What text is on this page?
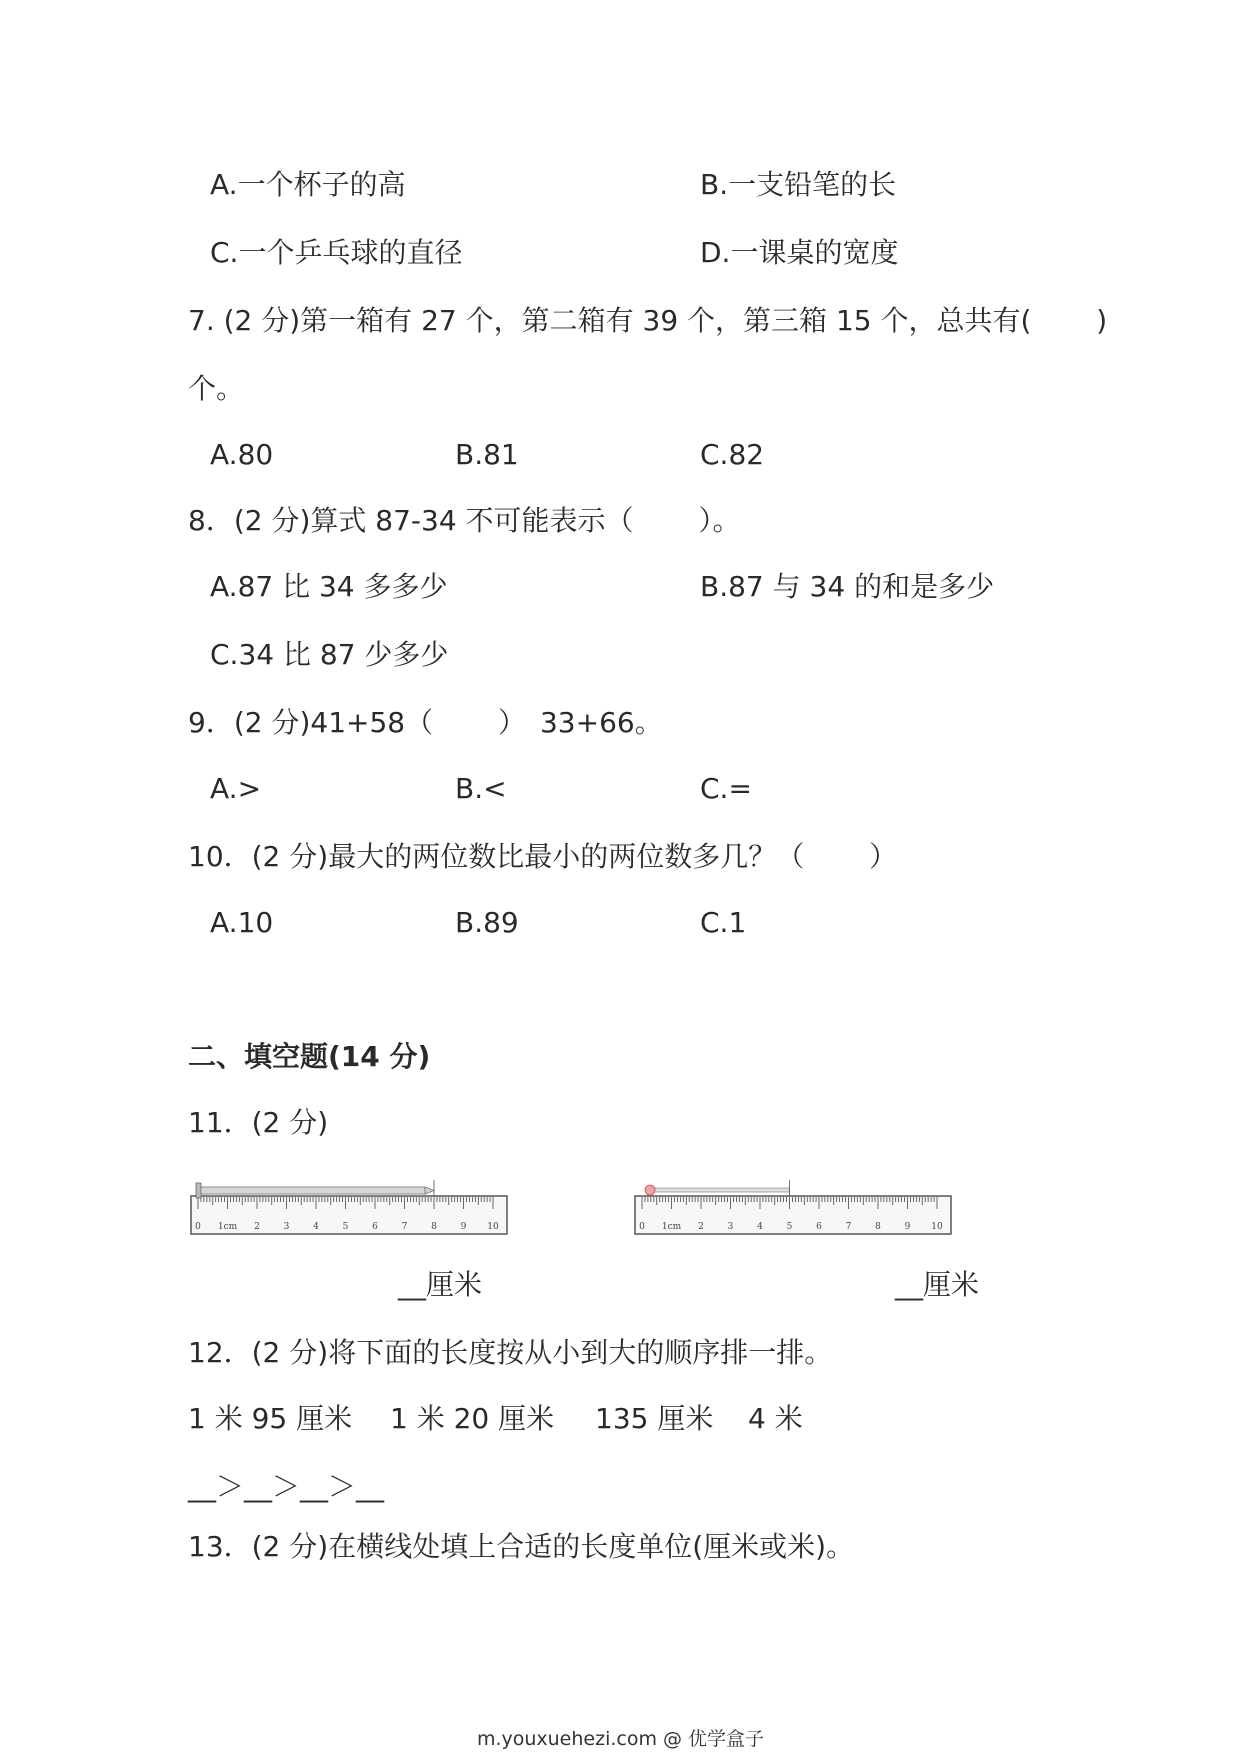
A.一个杯子的高	B.一支铅笔的长
C.一个乒乓球的直径	D.一课桌的宽度
7. (2 分)第一箱有 27 个，第二箱有 39 个，第三箱 15 个，总共有(　　 )
个。
A.80	B.81	C.82
8．(2 分)算式 87-34 不可能表示（　　 ）。
A.87 比 34 多多少	B.87 与 34 的和是多少
C.34 比 87 少多少
9．(2 分)41+58（　　 ）　33+66。
A.>	B.<	C.=
10．(2 分)最大的两位数比最小的两位数多几？（　　 ）
A.10	B.89	C.1
二、填空题(14 分)
11．(2 分)
0 1cm 2	3	4	5	6	7	8	9 10	0 1cm 2	3	4	5	6	7	8	9 10
__厘米	__厘米
12．(2 分)将下面的长度按从小到大的顺序排一排。
1 米 95 厘米 1 米 20 厘米 135 厘米 4 米
__＞__＞__＞__
13．(2 分)在横线处填上合适的长度单位(厘米或米)。
m.youxuehezi.com @ 优学盒子
